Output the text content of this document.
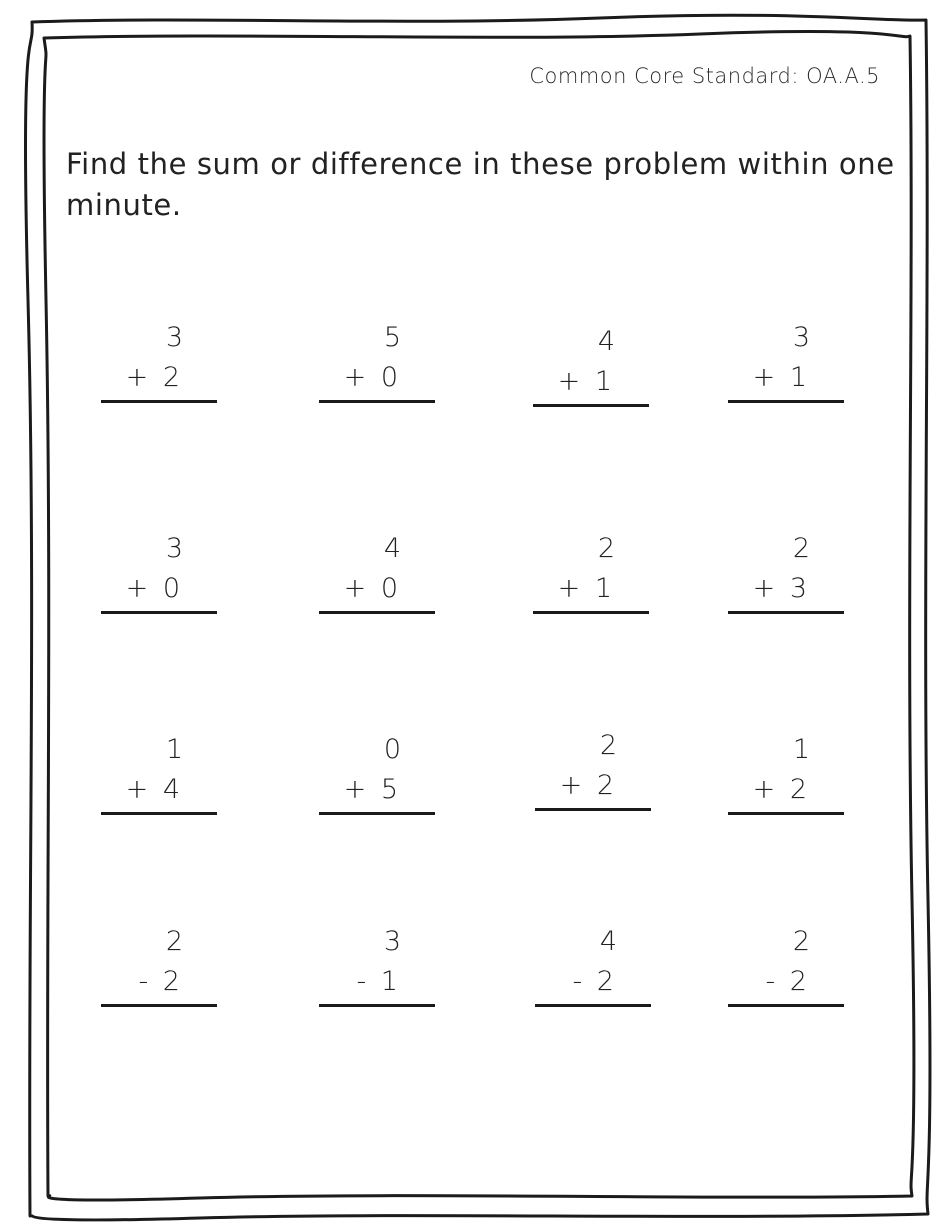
Common Core Standard: OA.A.5
Find the sum or difference in these problem within one minute.
3
+ 2
5
+ 0
4
+ 1
3
+ 1
3
+ 0
4
+ 0
2
+ 1
2
+ 3
1
+ 4
0
+ 5
2
+ 2
1
+ 2
2
- 2
3
- 1
4
- 2
2
- 2
